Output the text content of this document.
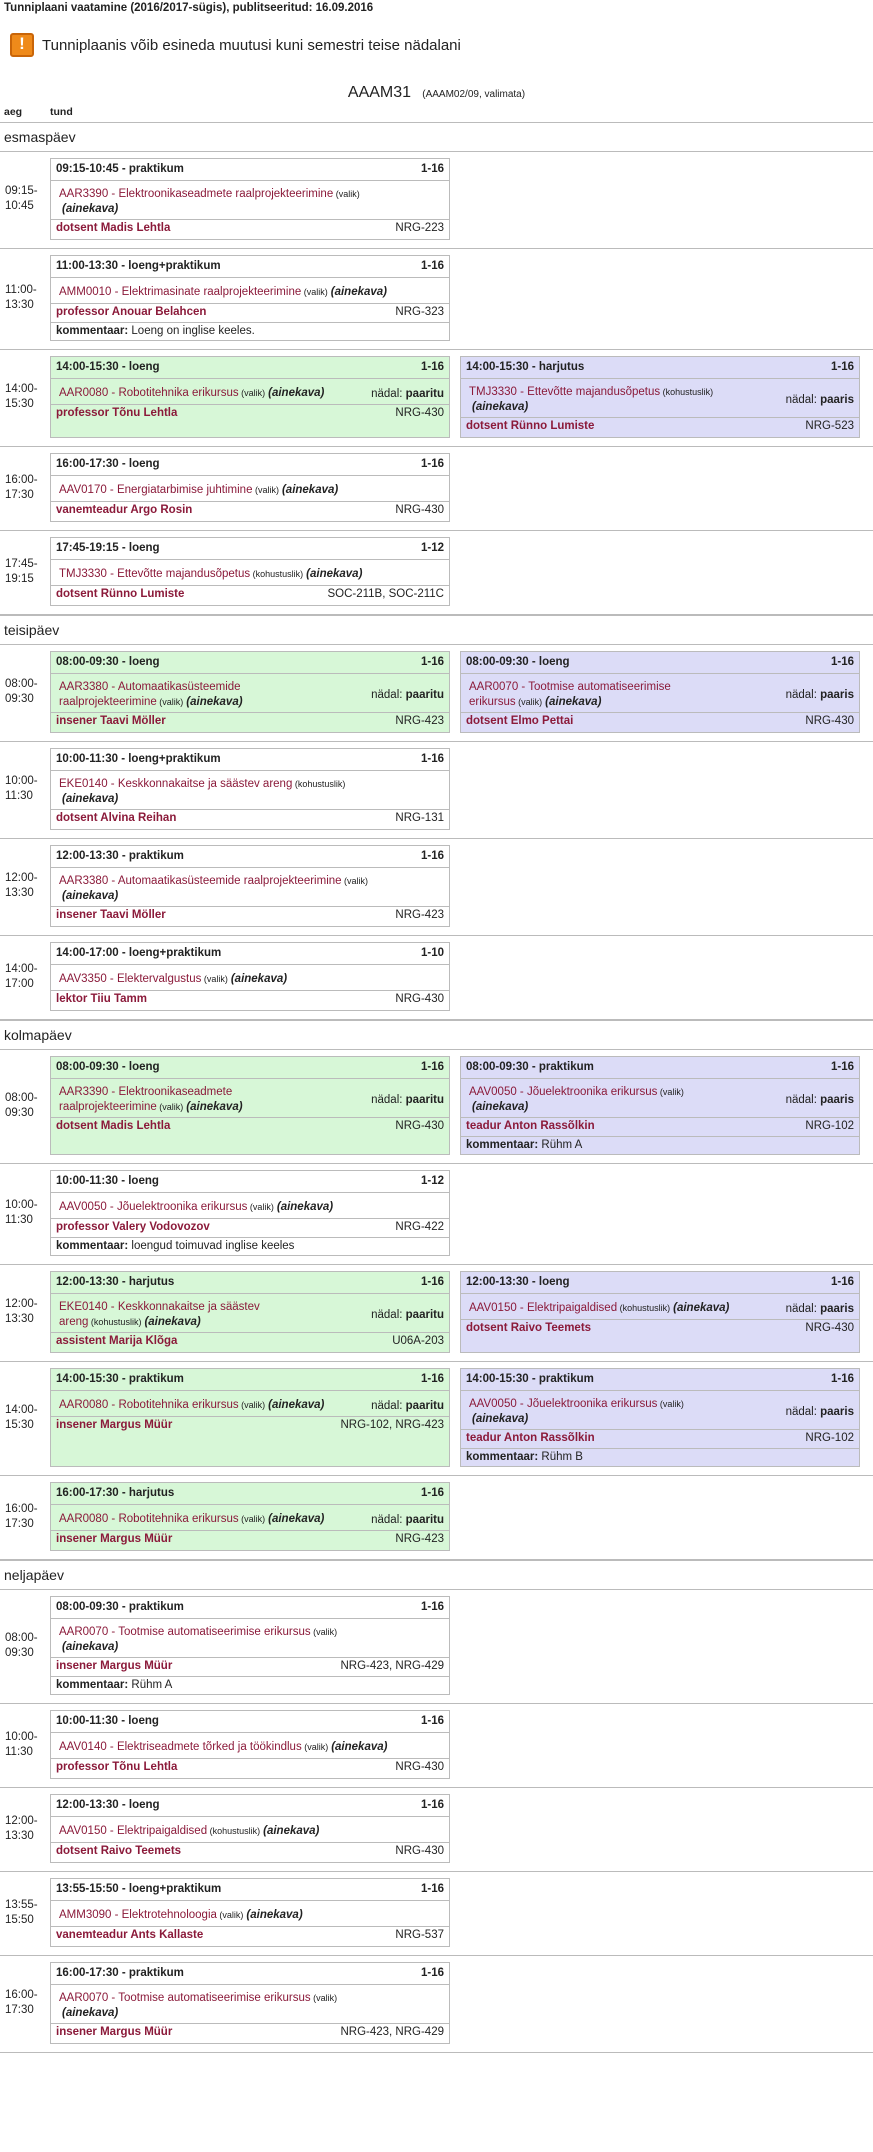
Tunniplaani vaatamine (2016/2017-sügis), publitseeritud: 16.09.2016
!	Tunniplaanis võib esineda muutusi kuni semestri teise nädalani
AAAM31 (AAAM02/09, valimata)
aeg	tund
esmaspäev
09:15-
10:45
09:15-10:45 - praktikum	1-16
AAR3390 - Elektroonikaseadmete raalprojekteerimine (valik)
(ainekava)
dotsent Madis Lehtla	NRG-223
11:00-
13:30
11:00-13:30 - loeng+praktikum	1-16
AMM0010 - Elektrimasinate raalprojekteerimine (valik) (ainekava)
professor Anouar Belahcen	NRG-323
kommentaar: Loeng on inglise keeles.
14:00-
15:30
14:00-15:30 - loeng	1-16
AAR0080 - Robotitehnika erikursus (valik) (ainekava)	nädal: paaritu
professor Tõnu Lehtla	NRG-430
14:00-15:30 - harjutus	1-16
TMJ3330 - Ettevõtte majandusõpetus (kohustuslik)
(ainekava)
nädal: paaris
dotsent Rünno Lumiste	NRG-523
16:00-
17:30
16:00-17:30 - loeng	1-16
AAV0170 - Energiatarbimise juhtimine (valik) (ainekava)
vanemteadur Argo Rosin	NRG-430
17:45-
19:15
17:45-19:15 - loeng	1-12
TMJ3330 - Ettevõtte majandusõpetus (kohustuslik) (ainekava)
dotsent Rünno Lumiste	SOC-211B, SOC-211C
teisipäev
08:00-
09:30
08:00-09:30 - loeng	1-16
AAR3380 - Automaatikasüsteemide
raalprojekteerimine (valik) (ainekava)
nädal: paaritu
insener Taavi Möller	NRG-423
08:00-09:30 - loeng	1-16
AAR0070 - Tootmise automatiseerimise
erikursus (valik) (ainekava)
nädal: paaris
dotsent Elmo Pettai	NRG-430
10:00-
11:30
10:00-11:30 - loeng+praktikum	1-16
EKE0140 - Keskkonnakaitse ja säästev areng (kohustuslik)
(ainekava)
dotsent Alvina Reihan	NRG-131
12:00-
13:30
12:00-13:30 - praktikum	1-16
AAR3380 - Automaatikasüsteemide raalprojekteerimine (valik)
(ainekava)
insener Taavi Möller	NRG-423
14:00-
17:00
14:00-17:00 - loeng+praktikum	1-10
AAV3350 - Elektervalgustus (valik) (ainekava)
lektor Tiiu Tamm	NRG-430
kolmapäev
08:00-
09:30
08:00-09:30 - loeng	1-16
AAR3390 - Elektroonikaseadmete
raalprojekteerimine (valik) (ainekava)
nädal: paaritu
dotsent Madis Lehtla	NRG-430
08:00-09:30 - praktikum	1-16
AAV0050 - Jõuelektroonika erikursus (valik)
(ainekava)
nädal: paaris
teadur Anton Rassõlkin	NRG-102
kommentaar: Rühm A
10:00-
11:30
10:00-11:30 - loeng	1-12
AAV0050 - Jõuelektroonika erikursus (valik) (ainekava)
professor Valery Vodovozov	NRG-422
kommentaar: loengud toimuvad inglise keeles
12:00-
13:30
12:00-13:30 - harjutus	1-16
EKE0140 - Keskkonnakaitse ja säästev
areng (kohustuslik) (ainekava)
nädal: paaritu
assistent Marija Klõga	U06A-203
12:00-13:30 - loeng	1-16
AAV0150 - Elektripaigaldised (kohustuslik) (ainekava)	nädal: paaris
dotsent Raivo Teemets	NRG-430
14:00-
15:30
14:00-15:30 - praktikum	1-16
AAR0080 - Robotitehnika erikursus (valik) (ainekava)	nädal: paaritu
insener Margus Müür	NRG-102, NRG-423
14:00-15:30 - praktikum	1-16
AAV0050 - Jõuelektroonika erikursus (valik)
(ainekava)
nädal: paaris
teadur Anton Rassõlkin	NRG-102
kommentaar: Rühm B
16:00-
17:30
16:00-17:30 - harjutus	1-16
AAR0080 - Robotitehnika erikursus (valik) (ainekava)	nädal: paaritu
insener Margus Müür	NRG-423
neljapäev
08:00-
09:30
08:00-09:30 - praktikum	1-16
AAR0070 - Tootmise automatiseerimise erikursus (valik)
(ainekava)
insener Margus Müür	NRG-423, NRG-429
kommentaar: Rühm A
10:00-
11:30
10:00-11:30 - loeng	1-16
AAV0140 - Elektriseadmete tõrked ja töökindlus (valik) (ainekava)
professor Tõnu Lehtla	NRG-430
12:00-
13:30
12:00-13:30 - loeng	1-16
AAV0150 - Elektripaigaldised (kohustuslik) (ainekava)
dotsent Raivo Teemets	NRG-430
13:55-
15:50
13:55-15:50 - loeng+praktikum	1-16
AMM3090 - Elektrotehnoloogia (valik) (ainekava)
vanemteadur Ants Kallaste	NRG-537
16:00-
17:30
16:00-17:30 - praktikum	1-16
AAR0070 - Tootmise automatiseerimise erikursus (valik)
(ainekava)
insener Margus Müür	NRG-423, NRG-429
